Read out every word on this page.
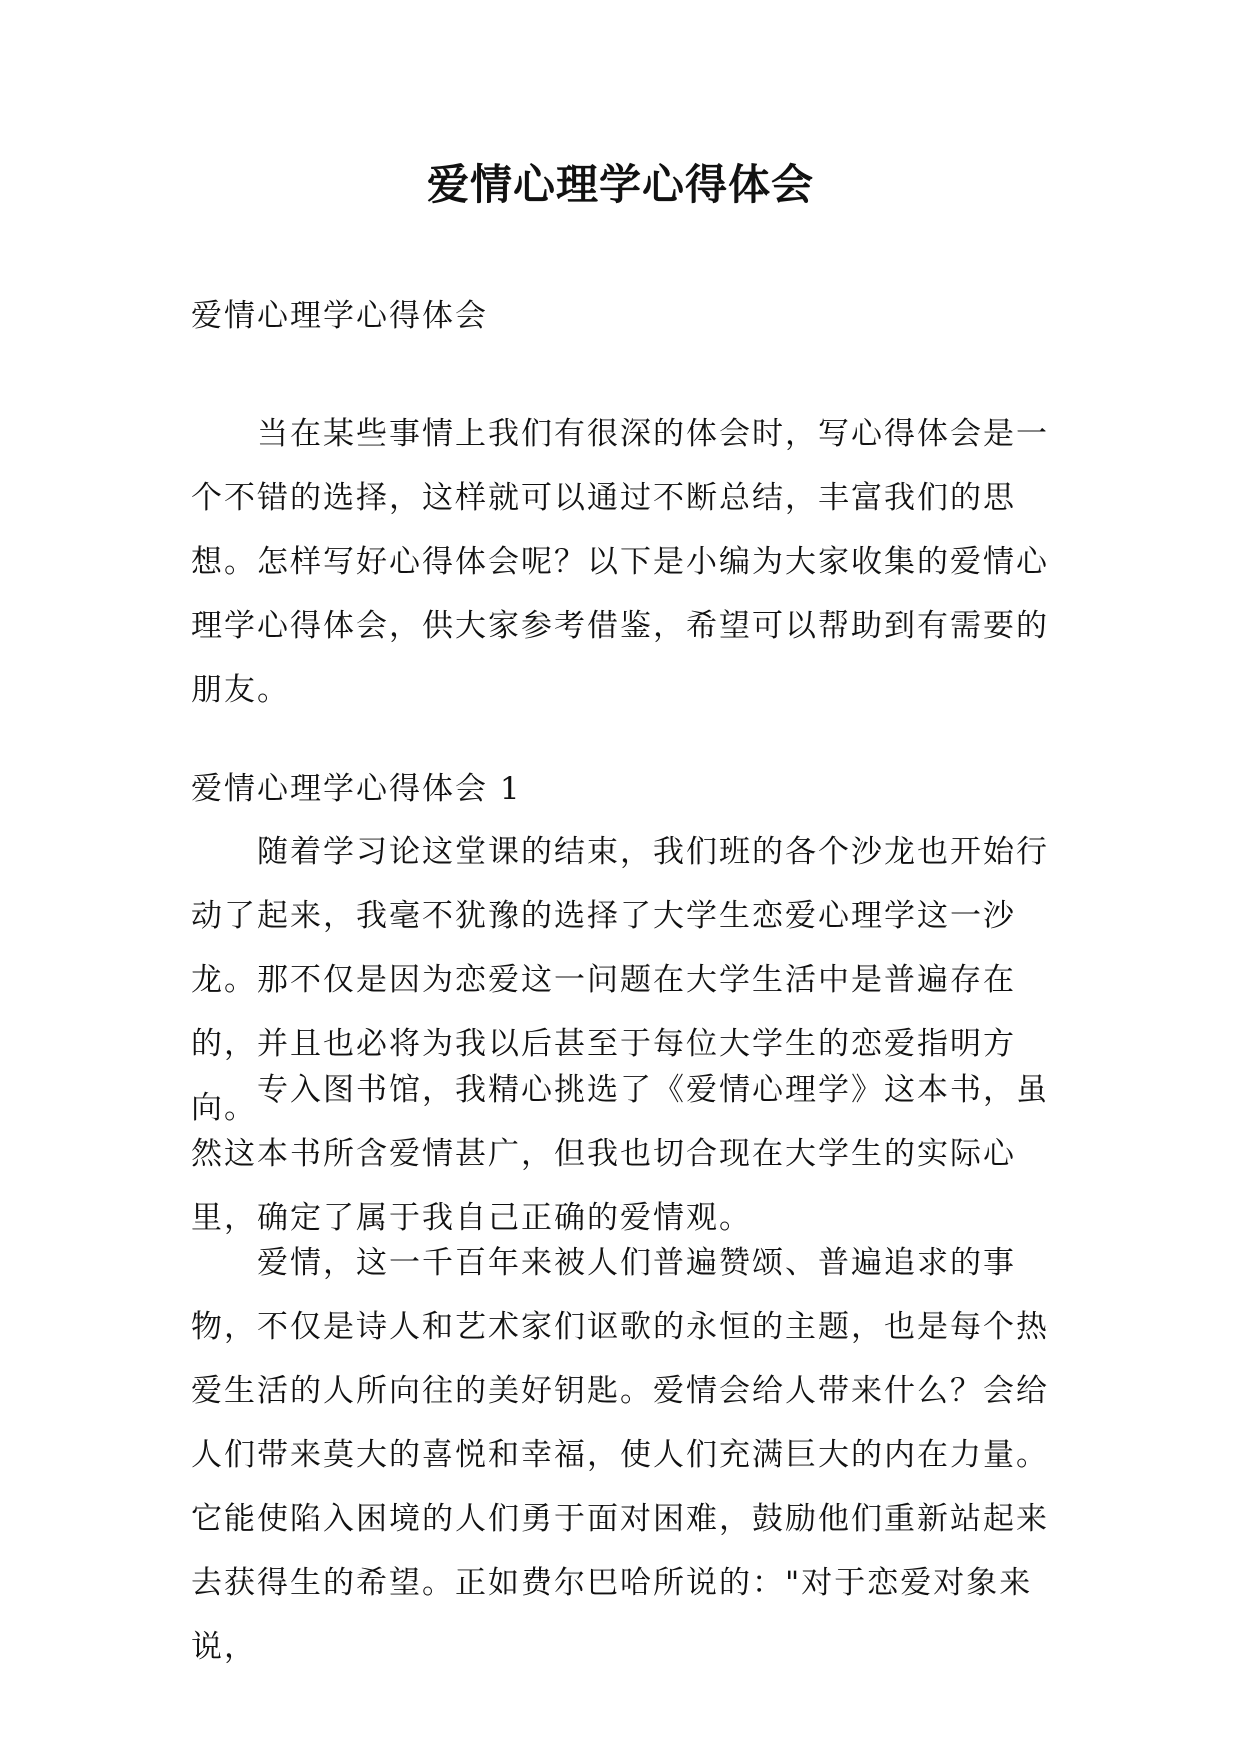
爱情心理学心得体会

爱情心理学心得体会

当在某些事情上我们有很深的体会时，写心得体会是一个不错的选择，这样就可以通过不断总结，丰富我们的思想。怎样写好心得体会呢？以下是小编为大家收集的爱情心理学心得体会，供大家参考借鉴，希望可以帮助到有需要的朋友。

爱情心理学心得体会 1

随着学习论这堂课的结束，我们班的各个沙龙也开始行动了起来，我毫不犹豫的选择了大学生恋爱心理学这一沙龙。那不仅是因为恋爱这一问题在大学生活中是普遍存在的，并且也必将为我以后甚至于每位大学生的恋爱指明方向。 专入图书馆，我精心挑选了《爱情心理学》这本书，虽然这本书所含爱情甚广，但我也切合现在大学生的实际心里，确定了属于我自己正确的爱情观。

爱情，这一千百年来被人们普遍赞颂、普遍追求的事物，不仅是诗人和艺术家们讴歌的永恒的主题，也是每个热爱生活的人所向往的美好钥匙。爱情会给人带来什么？会给人们带来莫大的喜悦和幸福，使人们充满巨大的内在力量。它能使陷入困境的人们勇于面对困难，鼓励他们重新站起来去获得生的希望。正如费尔巴哈所说的："对于恋爱对象来说，
